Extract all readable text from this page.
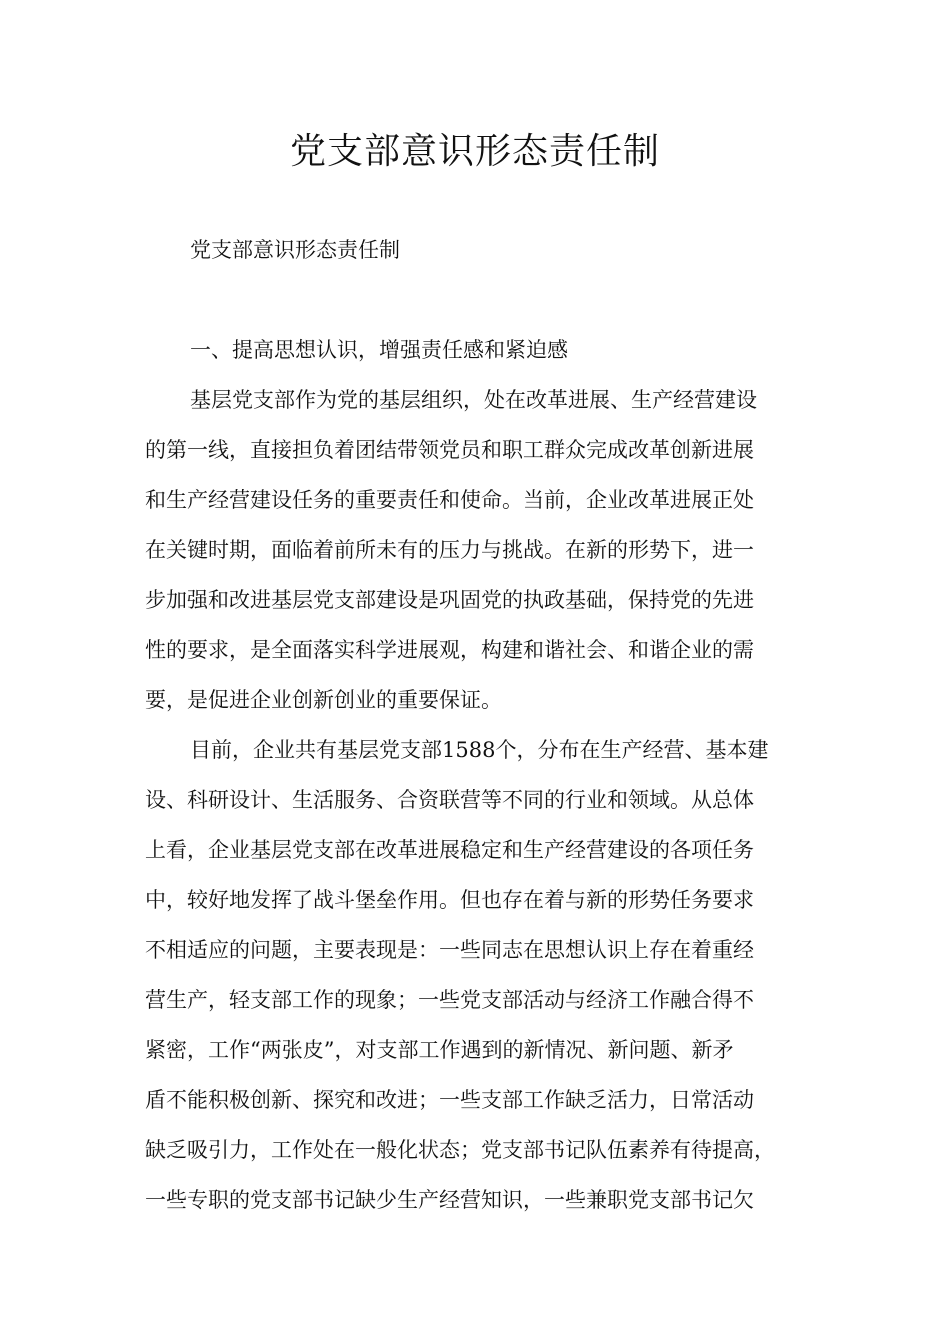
党支部意识形态责任制

党支部意识形态责任制

一、提高思想认识，增强责任感和紧迫感

基层党支部作为党的基层组织，处在改革进展、生产经营建设

的第一线，直接担负着团结带领党员和职工群众完成改革创新进展

和生产经营建设任务的重要责任和使命。当前，企业改革进展正处

在关键时期，面临着前所未有的压力与挑战。在新的形势下，进一

步加强和改进基层党支部建设是巩固党的执政基础，保持党的先进

性的要求，是全面落实科学进展观，构建和谐社会、和谐企业的需

要，是促进企业创新创业的重要保证。

目前，企业共有基层党支部1588个，分布在生产经营、基本建

设、科研设计、生活服务、合资联营等不同的行业和领域。从总体

上看，企业基层党支部在改革进展稳定和生产经营建设的各项任务

中，较好地发挥了战斗堡垒作用。但也存在着与新的形势任务要求

不相适应的问题，主要表现是：一些同志在思想认识上存在着重经

营生产，轻支部工作的现象；一些党支部活动与经济工作融合得不

紧密，工作“两张皮”，对支部工作遇到的新情况、新问题、新矛

盾不能积极创新、探究和改进；一些支部工作缺乏活力，日常活动

缺乏吸引力，工作处在一般化状态；党支部书记队伍素养有待提高，

一些专职的党支部书记缺少生产经营知识，一些兼职党支部书记欠
